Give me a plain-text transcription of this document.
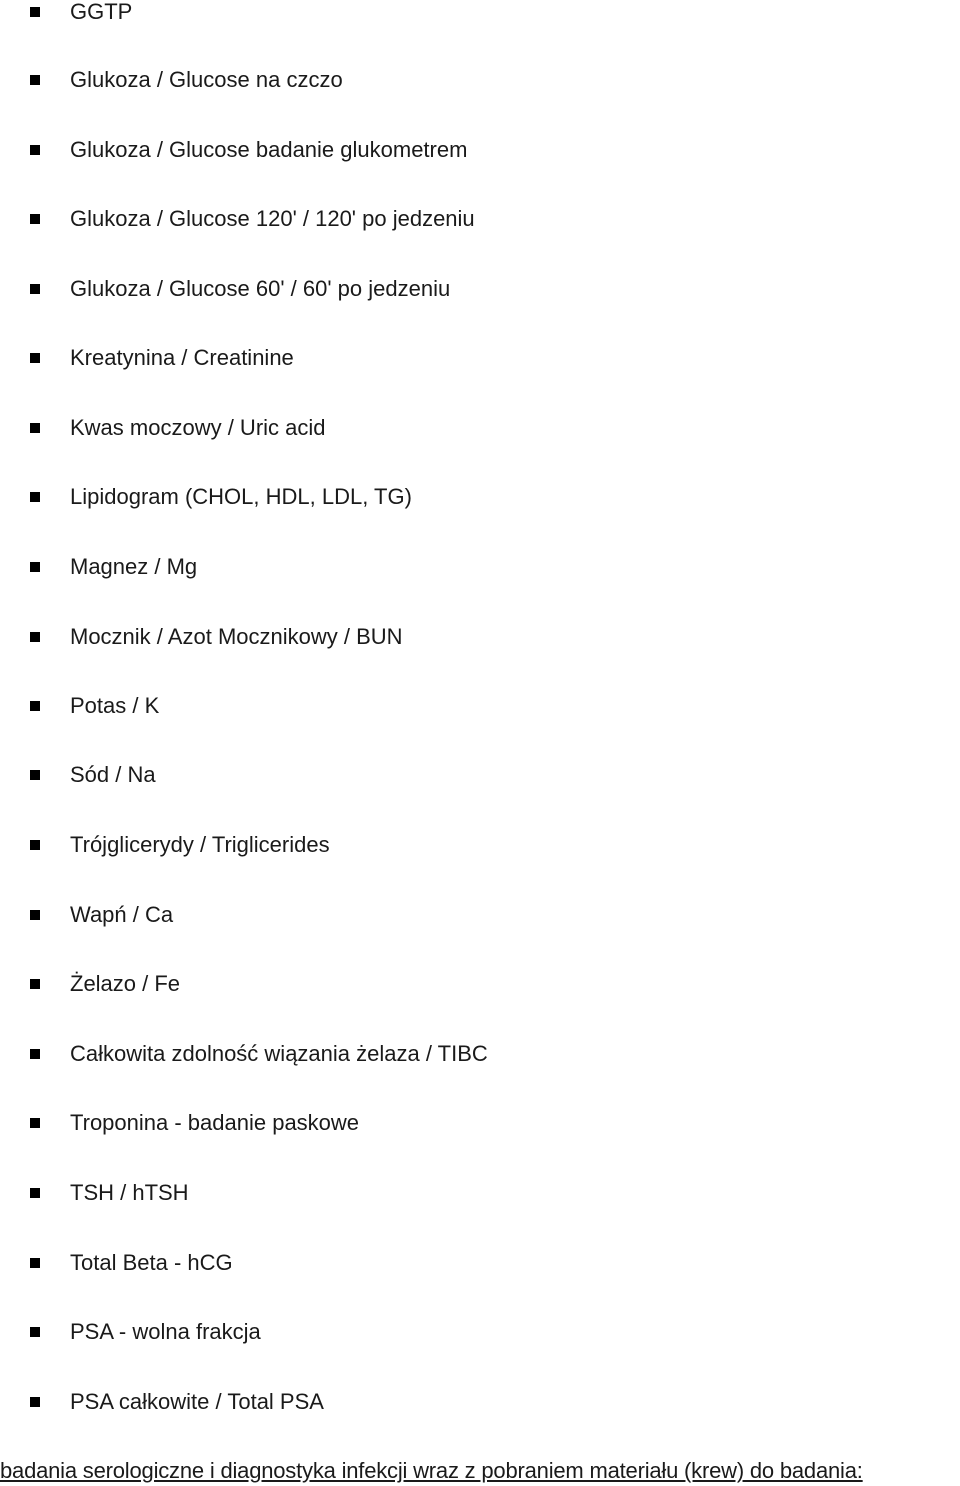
GGTP
Glukoza / Glucose na czczo
Glukoza / Glucose badanie glukometrem
Glukoza / Glucose 120' / 120' po jedzeniu
Glukoza / Glucose 60' / 60' po jedzeniu
Kreatynina / Creatinine
Kwas moczowy / Uric acid
Lipidogram (CHOL, HDL, LDL, TG)
Magnez / Mg
Mocznik / Azot Mocznikowy / BUN
Potas / K
Sód / Na
Trójglicerydy / Triglicerides
Wapń / Ca
Żelazo / Fe
Całkowita zdolność wiązania żelaza / TIBC
Troponina - badanie paskowe
TSH / hTSH
Total Beta - hCG
PSA - wolna frakcja
PSA całkowite / Total PSA
badania serologiczne i diagnostyka infekcji wraz z pobraniem materiału (krew) do badania:
